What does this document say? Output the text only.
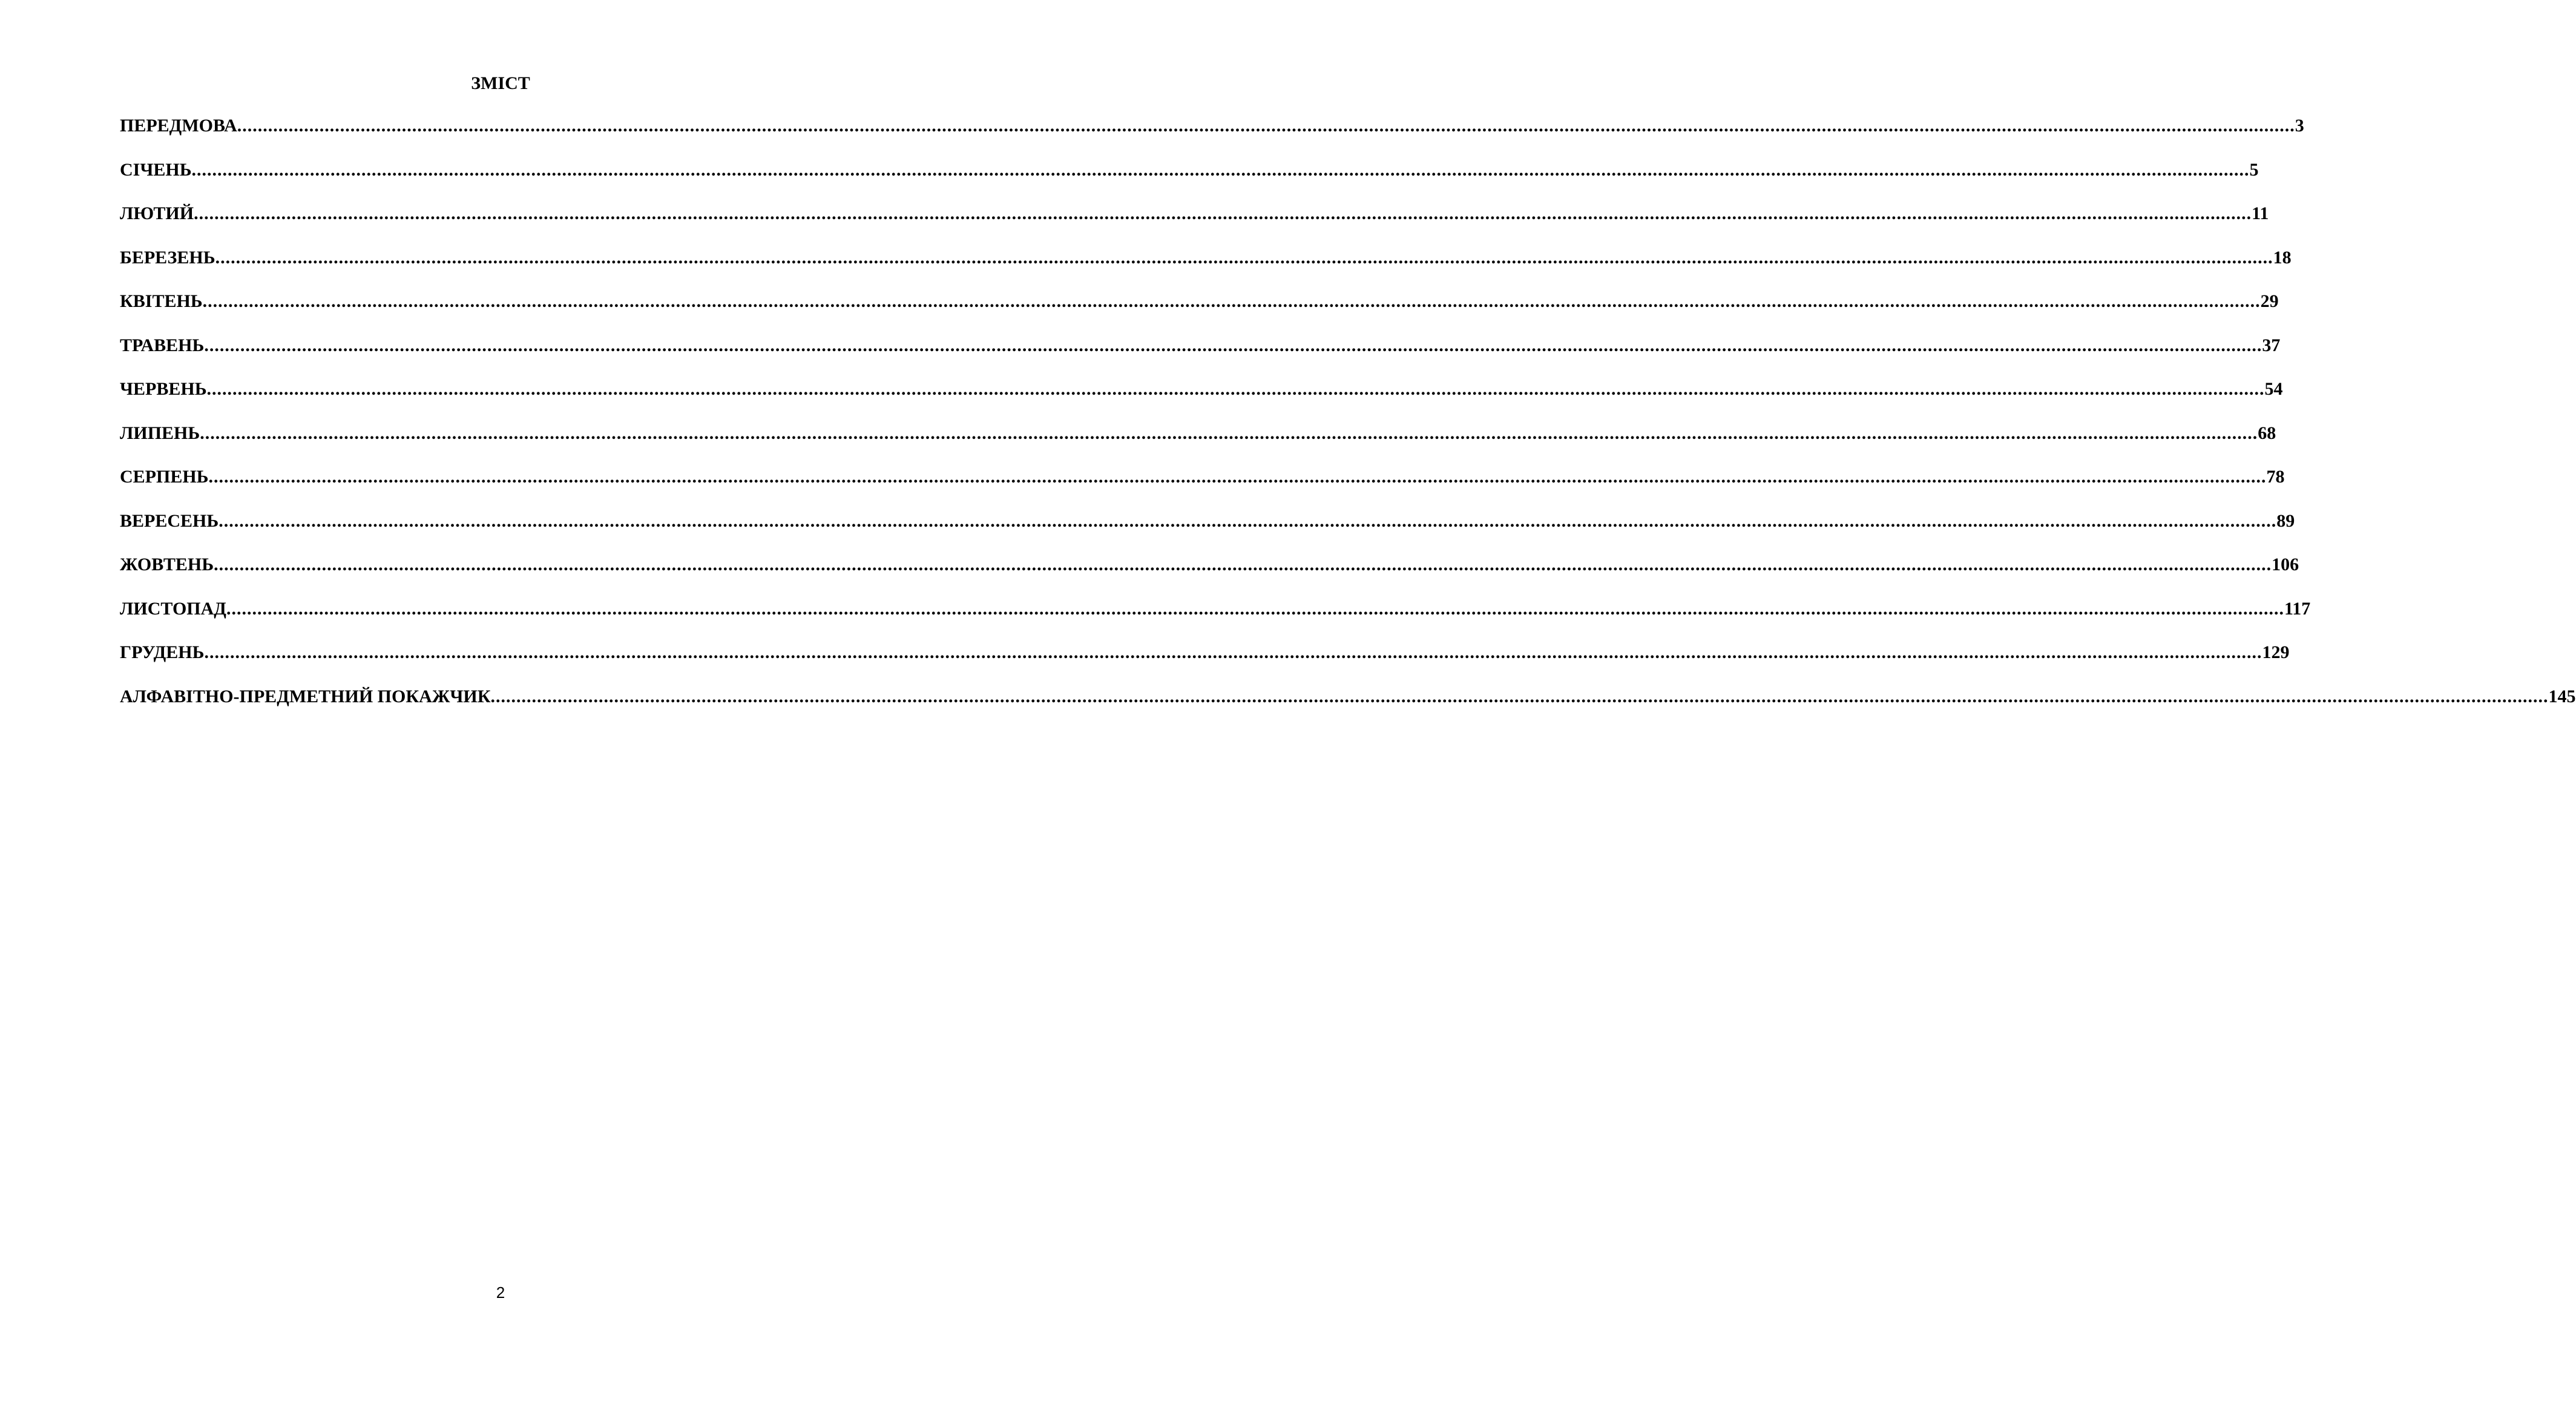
ЗМІСТ
ПЕРЕДМОВА ................................................................................................................................................................................................................................................................................................................................................................................................................ 3
СІЧЕНЬ ................................................................................................................................................................................................................................................................................................................................................................................................................ 5
ЛЮТИЙ ................................................................................................................................................................................................................................................................................................................................................................................................................ 11
БЕРЕЗЕНЬ ................................................................................................................................................................................................................................................................................................................................................................................................................ 18
КВІТЕНЬ ................................................................................................................................................................................................................................................................................................................................................................................................................ 29
ТРАВЕНЬ ................................................................................................................................................................................................................................................................................................................................................................................................................ 37
ЧЕРВЕНЬ ................................................................................................................................................................................................................................................................................................................................................................................................................ 54
ЛИПЕНЬ ................................................................................................................................................................................................................................................................................................................................................................................................................ 68
СЕРПЕНЬ ................................................................................................................................................................................................................................................................................................................................................................................................................ 78
ВЕРЕСЕНЬ ................................................................................................................................................................................................................................................................................................................................................................................................................ 89
ЖОВТЕНЬ ................................................................................................................................................................................................................................................................................................................................................................................................................ 106
ЛИСТОПАД ................................................................................................................................................................................................................................................................................................................................................................................................................ 117
ГРУДЕНЬ ................................................................................................................................................................................................................................................................................................................................................................................................................ 129
АЛФАВІТНО-ПРЕДМЕТНИЙ ПОКАЖЧИК ................................................................................................................................................................................................................................................................................................................................................................................................................ 145
2
